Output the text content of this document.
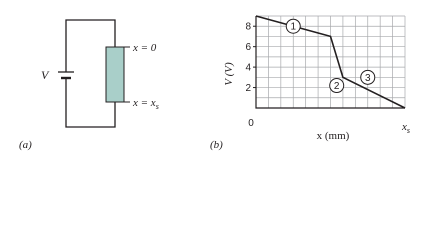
V
x = 0
$x = x_s$
(a)
2
4
6
8	1
2
3
V (V)
0
x (mm)
$x_s$
(b)
